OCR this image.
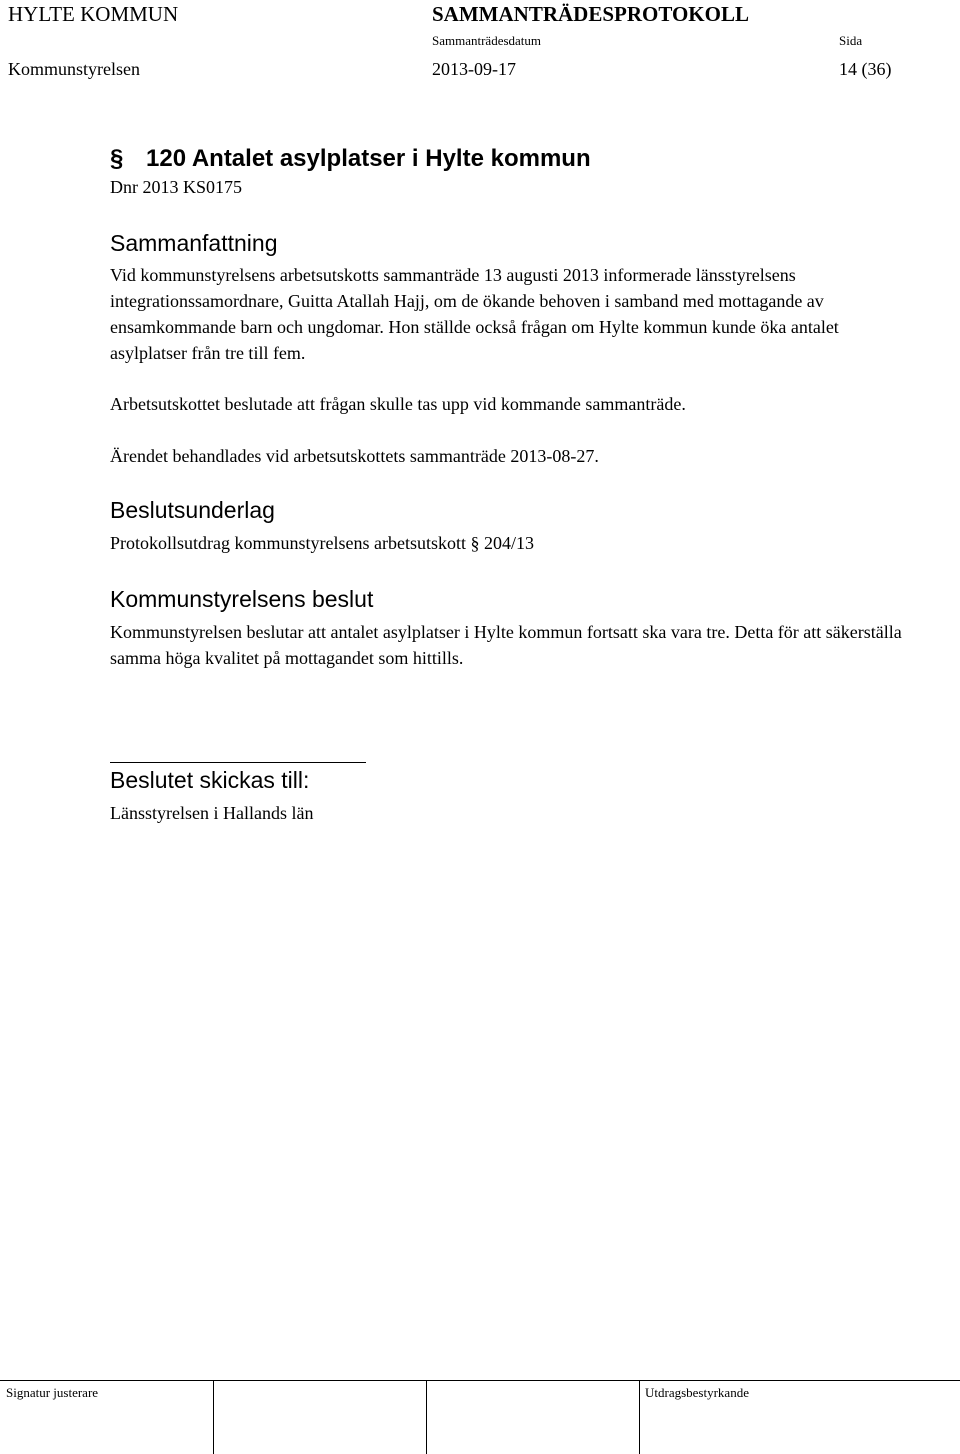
HYLTE KOMMUN	SAMMANTRÄDESPROTOKOLL
Sammanträdesdatum	Sida
Kommunstyrelsen	2013-09-17	14 (36)
§ 120 Antalet asylplatser i Hylte kommun
Dnr 2013 KS0175
Sammanfattning
Vid kommunstyrelsens arbetsutskotts sammanträde 13 augusti 2013 informerade länsstyrelsens integrationssamordnare, Guitta Atallah Hajj, om de ökande behoven i samband med mottagande av ensamkommande barn och ungdomar. Hon ställde också frågan om Hylte kommun kunde öka antalet asylplatser från tre till fem.
Arbetsutskottet beslutade att frågan skulle tas upp vid kommande sammanträde.
Ärendet behandlades vid arbetsutskottets sammanträde 2013-08-27.
Beslutsunderlag
Protokollsutdrag kommunstyrelsens arbetsutskott § 204/13
Kommunstyrelsens beslut
Kommunstyrelsen beslutar att antalet asylplatser i Hylte kommun fortsatt ska vara tre. Detta för att säkerställa samma höga kvalitet på mottagandet som hittills.
Beslutet skickas till:
Länsstyrelsen i Hallands län
Signatur justerare	Utdragsbestyrkande
